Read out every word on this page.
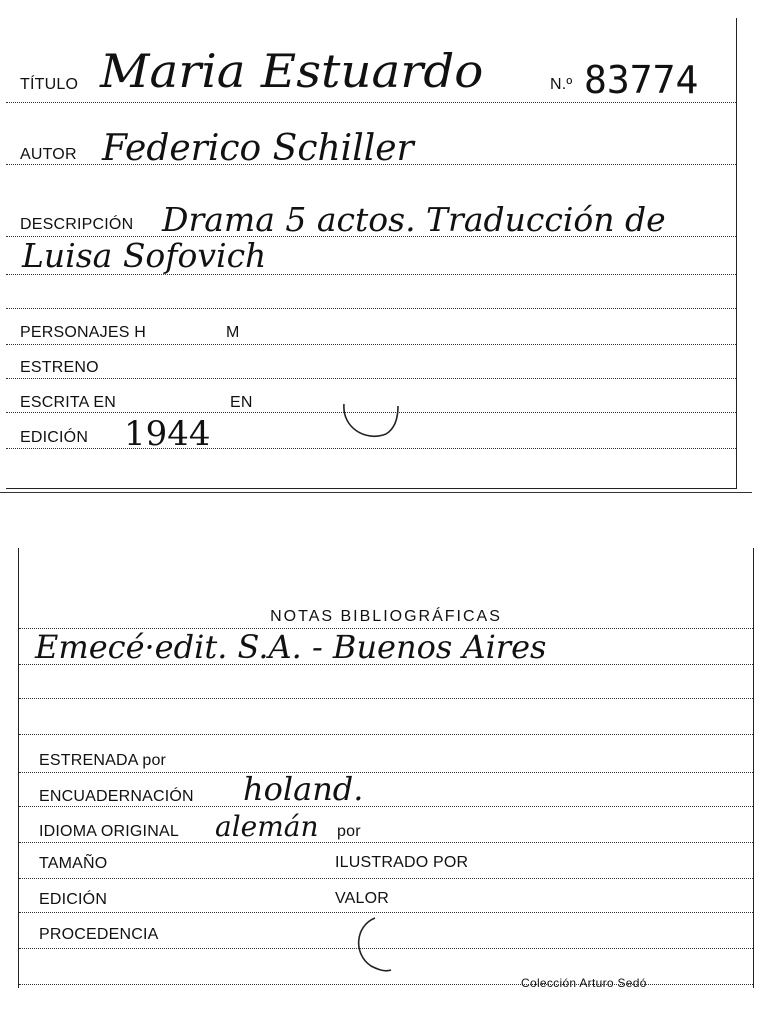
TÍTULO Maria Estuardo	N.º 83774
AUTOR Federico Schiller
DESCRIPCIÓN Drama 5 actos. Traducción de
Luisa Sofovich
PERSONAJES H	M
ESTRENO
ESCRITA EN	EN
EDICIÓN 1944
NOTAS BIBLIOGRÁFICAS
Emecé·edit. S.A. - Buenos Aires
ESTRENADA por
ENCUADERNACIÓN holand.
IDIOMA ORIGINAL alemán por
TAMAÑO	ILUSTRADO POR
EDICIÓN	VALOR
PROCEDENCIA
Colección Arturo Sedó
